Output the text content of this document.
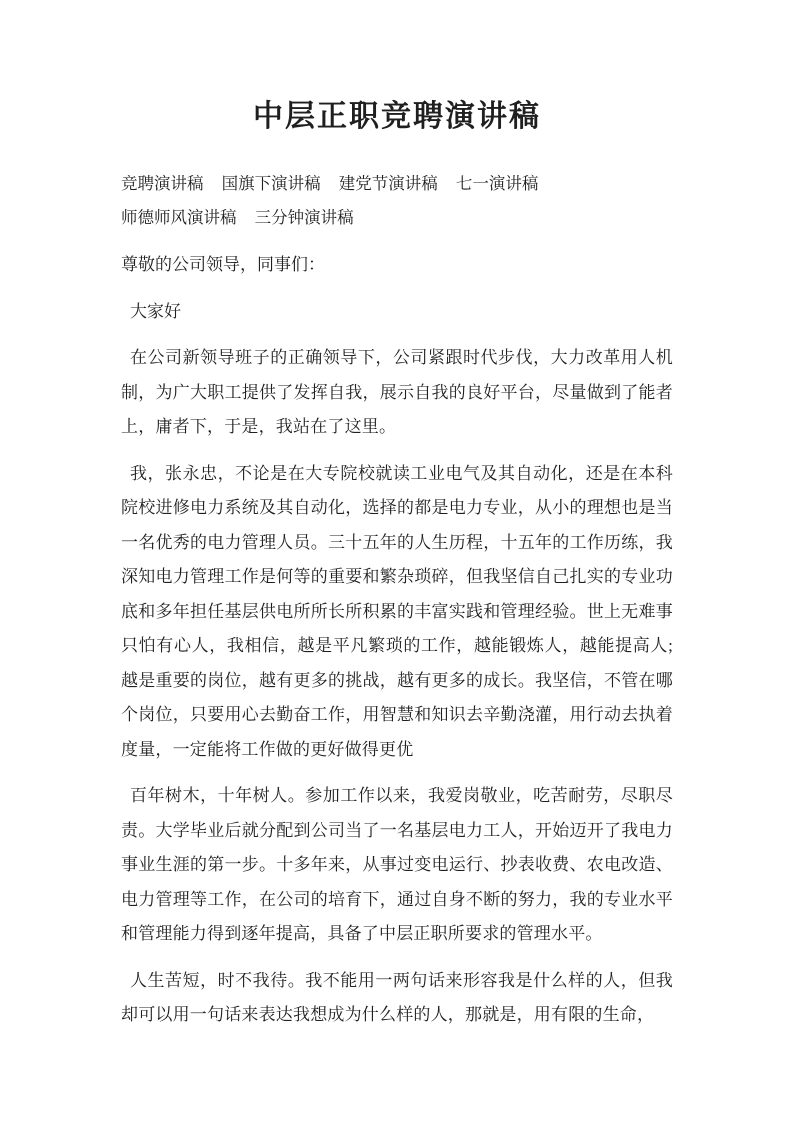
中层正职竞聘演讲稿
竞聘演讲稿 国旗下演讲稿 建党节演讲稿 七一演讲稿 师德师风演讲稿 三分钟演讲稿

尊敬的公司领导，同事们：

大家好

在公司新领导班子的正确领导下，公司紧跟时代步伐，大力改革用人机制，为广大职工提供了发挥自我，展示自我的良好平台，尽量做到了能者上，庸者下，于是，我站在了这里。

我，张永忠，不论是在大专院校就读工业电气及其自动化，还是在本科院校进修电力系统及其自动化，选择的都是电力专业，从小的理想也是当一名优秀的电力管理人员。三十五年的人生历程，十五年的工作历练，我深知电力管理工作是何等的重要和繁杂琐碎，但我坚信自己扎实的专业功底和多年担任基层供电所所长所积累的丰富实践和管理经验。世上无难事只怕有心人，我相信，越是平凡繁琐的工作，越能锻炼人，越能提高人;越是重要的岗位，越有更多的挑战，越有更多的成长。我坚信，不管在哪个岗位，只要用心去勤奋工作，用智慧和知识去辛勤浇灌，用行动去执着度量，一定能将工作做的更好做得更优

百年树木，十年树人。参加工作以来，我爱岗敬业，吃苦耐劳，尽职尽责。大学毕业后就分配到公司当了一名基层电力工人，开始迈开了我电力事业生涯的第一步。十多年来，从事过变电运行、抄表收费、农电改造、电力管理等工作，在公司的培育下，通过自身不断的努力，我的专业水平和管理能力得到逐年提高，具备了中层正职所要求的管理水平。

人生苦短，时不我待。我不能用一两句话来形容我是什么样的人，但我却可以用一句话来表达我想成为什么样的人，那就是，用有限的生命，
